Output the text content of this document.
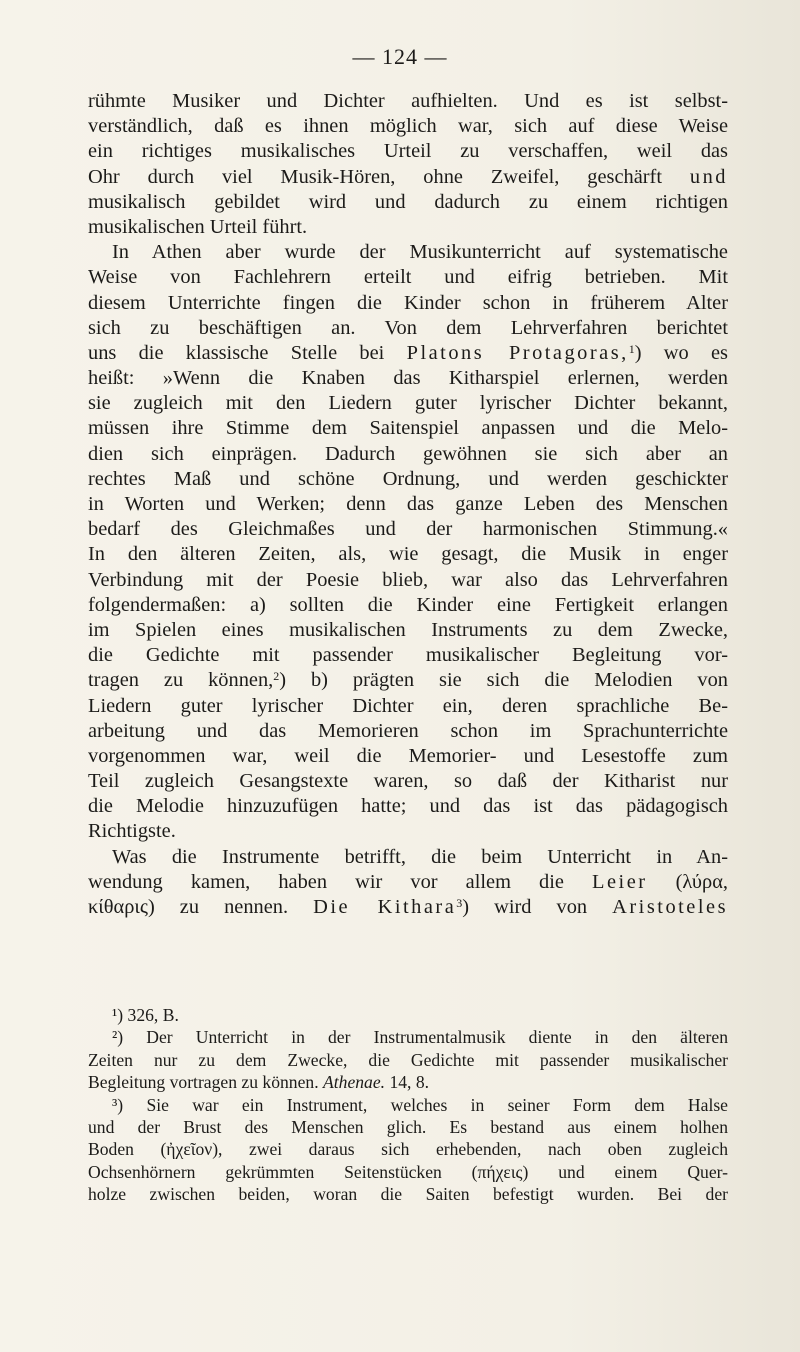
— 124 —
rühmte Musiker und Dichter aufhielten. Und es ist selbst-
verständlich, daß es ihnen möglich war, sich auf diese Weise
ein richtiges musikalisches Urteil zu verschaffen, weil das
Ohr durch viel Musik-Hören, ohne Zweifel, geschärft und
musikalisch gebildet wird und dadurch zu einem richtigen
musikalischen Urteil führt.
In Athen aber wurde der Musikunterricht auf systematische
Weise von Fachlehrern erteilt und eifrig betrieben. Mit
diesem Unterrichte fingen die Kinder schon in früherem Alter
sich zu beschäftigen an. Von dem Lehrverfahren berichtet
uns die klassische Stelle bei Platons Protagoras,$^1$) wo es
heißt: »Wenn die Knaben das Kitharspiel erlernen, werden
sie zugleich mit den Liedern guter lyrischer Dichter bekannt,
müssen ihre Stimme dem Saitenspiel anpassen und die Melo-
dien sich einprägen. Dadurch gewöhnen sie sich aber an
rechtes Maß und schöne Ordnung, und werden geschickter
in Worten und Werken; denn das ganze Leben des Menschen
bedarf des Gleichmaßes und der harmonischen Stimmung.«
In den älteren Zeiten, als, wie gesagt, die Musik in enger
Verbindung mit der Poesie blieb, war also das Lehrverfahren
folgendermaßen: a) sollten die Kinder eine Fertigkeit erlangen
im Spielen eines musikalischen Instruments zu dem Zwecke,
die Gedichte mit passender musikalischer Begleitung vor-
tragen zu können,$^2$) b) prägten sie sich die Melodien von
Liedern guter lyrischer Dichter ein, deren sprachliche Be-
arbeitung und das Memorieren schon im Sprachunterrichte
vorgenommen war, weil die Memorier- und Lesestoffe zum
Teil zugleich Gesangstexte waren, so daß der Kitharist nur
die Melodie hinzuzufügen hatte; und das ist das pädagogisch
Richtigste.
Was die Instrumente betrifft, die beim Unterricht in An-
wendung kamen, haben wir vor allem die Leier (λύρα,
κίθαρις) zu nennen. Die Kithara$^3$) wird von Aristoteles
¹) 326, B.
²) Der Unterricht in der Instrumentalmusik diente in den älteren
Zeiten nur zu dem Zwecke, die Gedichte mit passender musikalischer
Begleitung vortragen zu können. Athenae. 14, 8.
³) Sie war ein Instrument, welches in seiner Form dem Halse
und der Brust des Menschen glich. Es bestand aus einem holhen
Boden (ἠχεῖον), zwei daraus sich erhebenden, nach oben zugleich
Ochsenhörnern gekrümmten Seitenstücken (πήχεις) und einem Quer-
holze zwischen beiden, woran die Saiten befestigt wurden. Bei der
